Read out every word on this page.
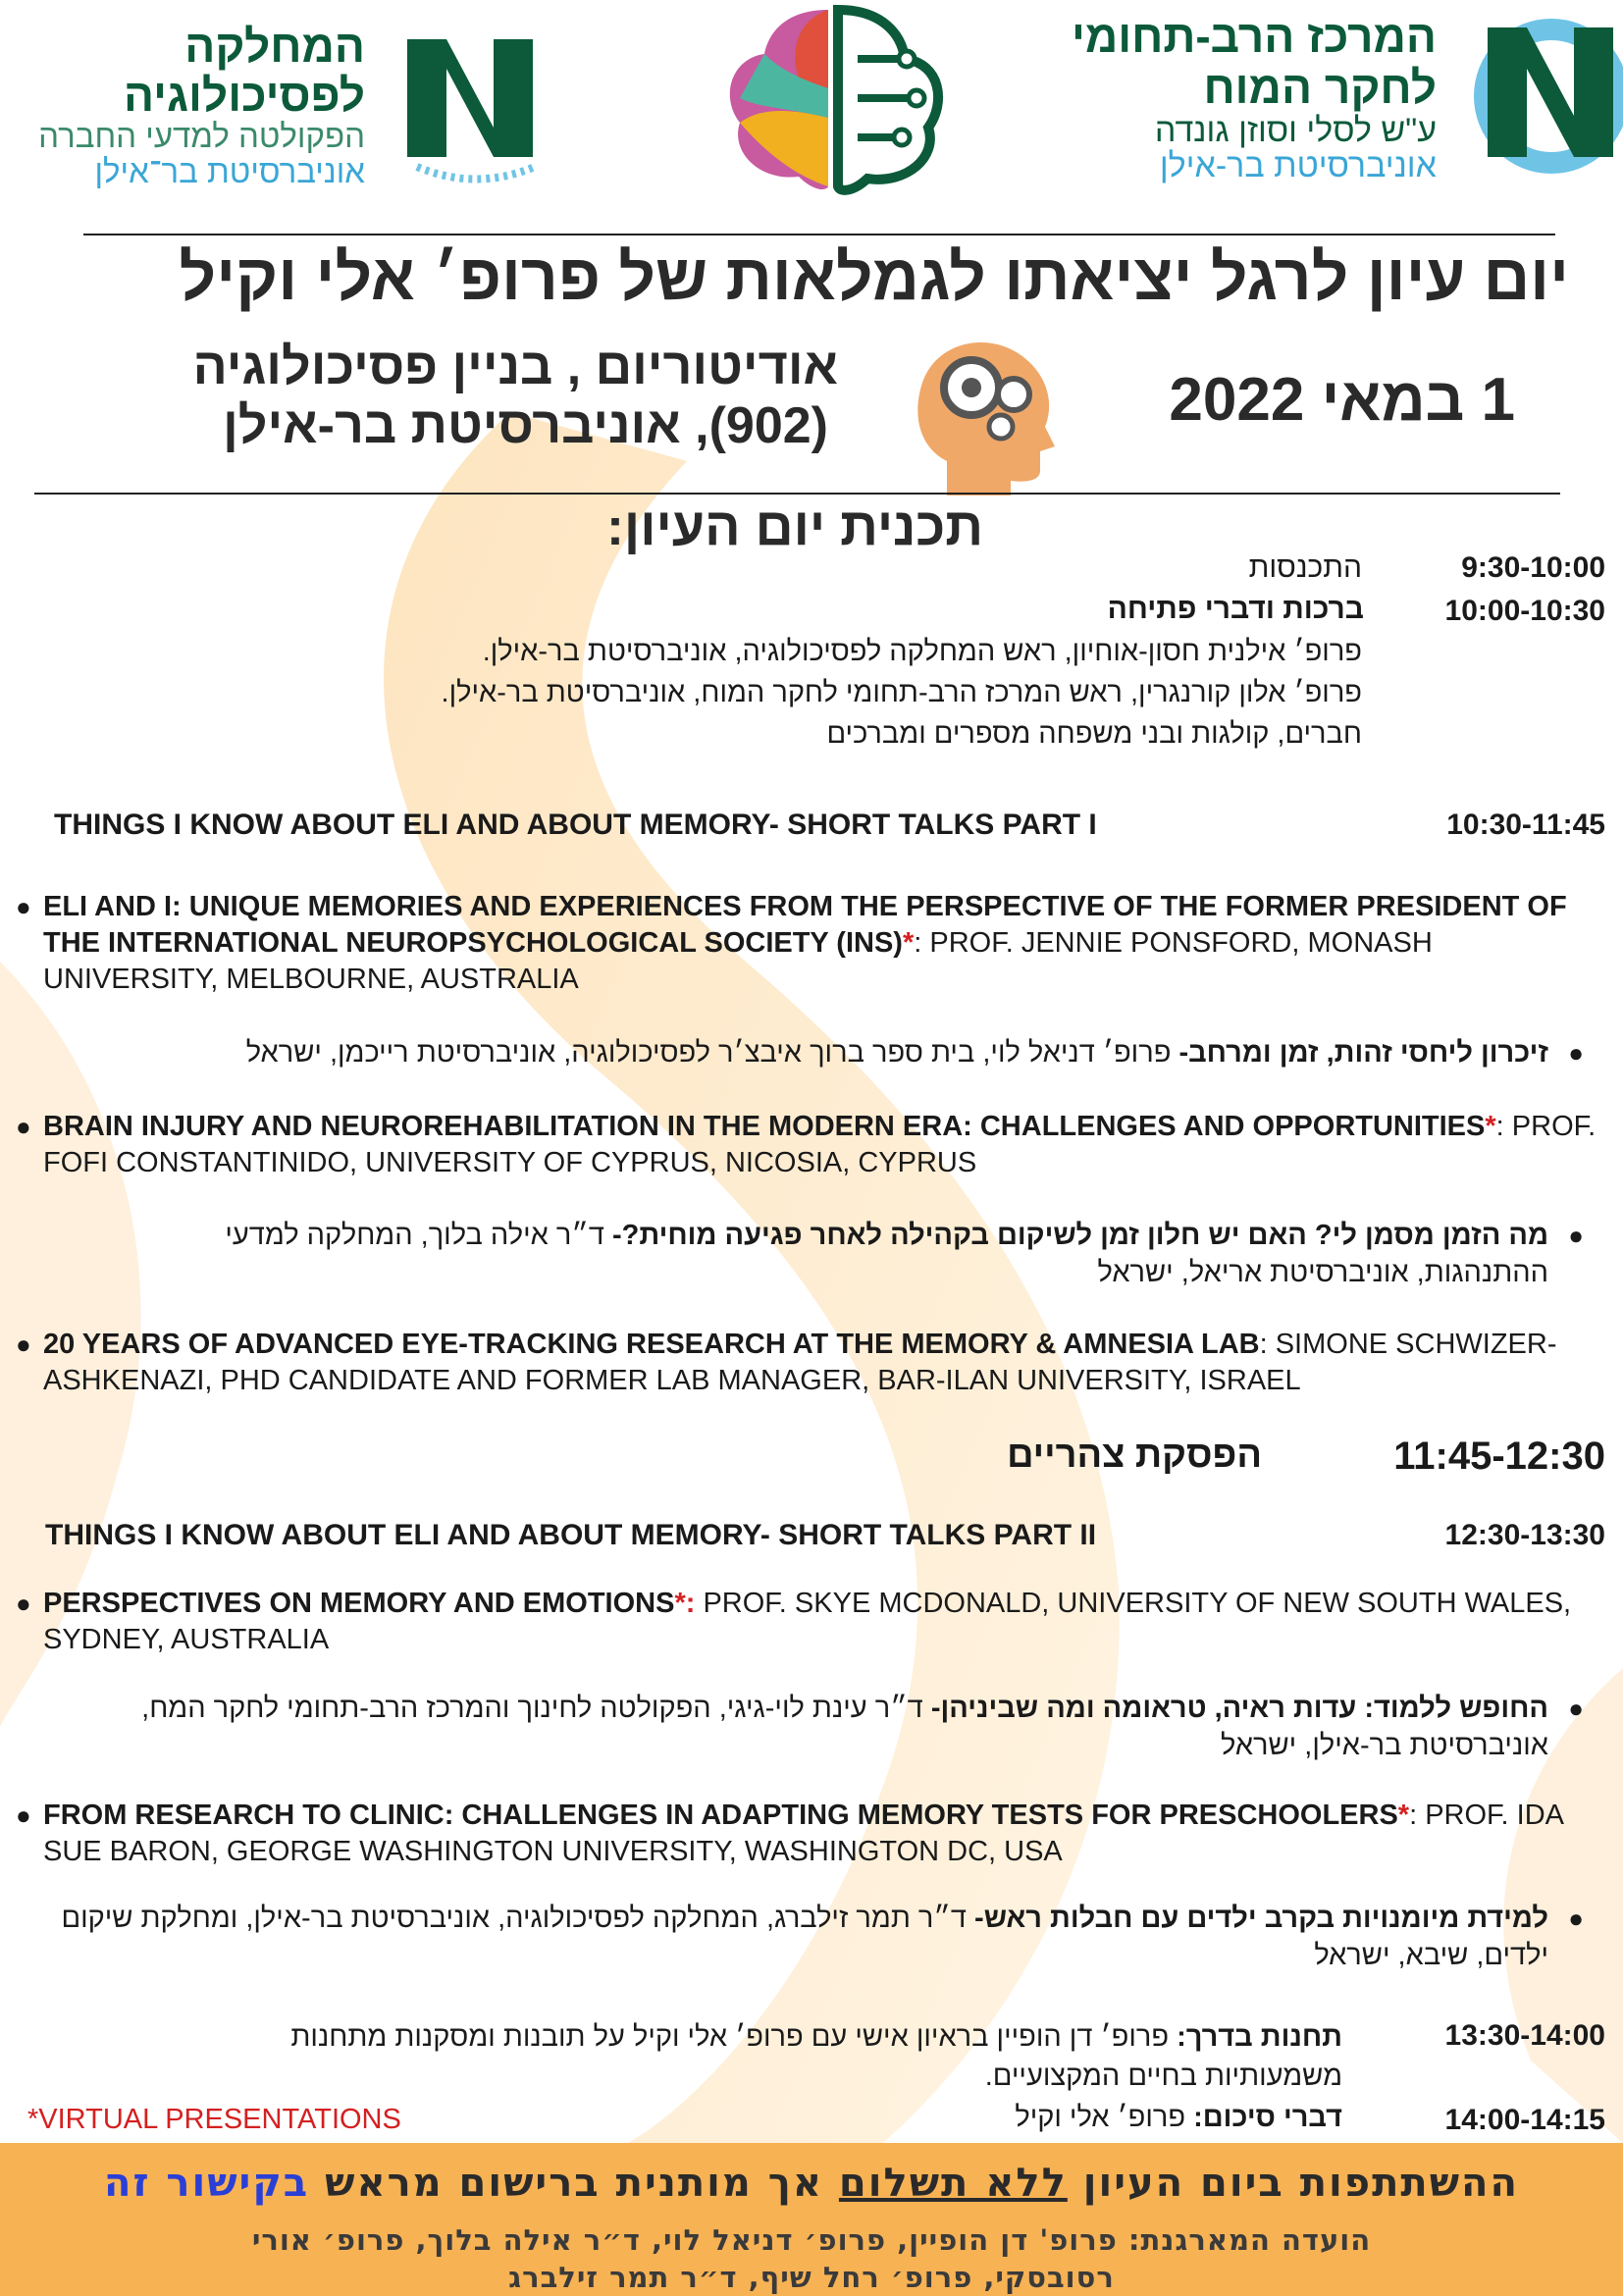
המרכז הרב-תחומי
לחקר המוח
ע"ש לסלי וסוזן גונדה
אוניברסיטת בר-אילן
המחלקה
לפסיכולוגיה
הפקולטה למדעי החברה
אוניברסיטת בר־אילן
יום עיון לרגל יציאתו לגמלאות של פרופ׳ אלי וקיל
1 במאי 2022
אודיטוריום , בניין פסיכולוגיה
(902), אוניברסיטת בר-אילן
תכנית יום העיון:
9:30-10:00
התכנסות
10:00-10:30
ברכות ודברי פתיחה
פרופ׳ אילנית חסון-אוחיון, ראש המחלקה לפסיכולוגיה, אוניברסיטת בר-אילן.
פרופ׳ אלון קורנגרין, ראש המרכז הרב-תחומי לחקר המוח, אוניברסיטת בר-אילן.
חברים, קולגות ובני משפחה מספרים ומברכים
10:30-11:45
THINGS I KNOW ABOUT ELI AND ABOUT MEMORY- SHORT TALKS PART I
● ELI AND I: UNIQUE MEMORIES AND EXPERIENCES FROM THE PERSPECTIVE OF THE FORMER PRESIDENT OF THE INTERNATIONAL NEUROPSYCHOLOGICAL SOCIETY (INS)*: PROF. JENNIE PONSFORD, MONASH UNIVERSITY, MELBOURNE, AUSTRALIA
●
זיכרון ליחסי זהות, זמן ומרחב- פרופ׳ דניאל לוי, בית ספר ברוך איבצ׳ר לפסיכולוגיה, אוניברסיטת רייכמן, ישראל
● BRAIN INJURY AND NEUROREHABILITATION IN THE MODERN ERA: CHALLENGES AND OPPORTUNITIES*: PROF. FOFI CONSTANTINIDO, UNIVERSITY OF CYPRUS, NICOSIA, CYPRUS
●
מה הזמן מסמן לי? האם יש חלון זמן לשיקום בקהילה לאחר פגיעה מוחית?- ד״ר אילה בלוך, המחלקה למדעי ההתנהגות, אוניברסיטת אריאל, ישראל
● 20 YEARS OF ADVANCED EYE-TRACKING RESEARCH AT THE MEMORY & AMNESIA LAB: SIMONE SCHWIZER-ASHKENAZI, PHD CANDIDATE AND FORMER LAB MANAGER, BAR-ILAN UNIVERSITY, ISRAEL
11:45-12:30
הפסקת צהריים
12:30-13:30
THINGS I KNOW ABOUT ELI AND ABOUT MEMORY- SHORT TALKS PART II
● PERSPECTIVES ON MEMORY AND EMOTIONS*: PROF. SKYE MCDONALD, UNIVERSITY OF NEW SOUTH WALES, SYDNEY, AUSTRALIA
●
החופש ללמוד: עדות ראיה, טראומה ומה שביניהן- ד״ר עינת לוי-גיגי, הפקולטה לחינוך והמרכז הרב-תחומי לחקר המח, אוניברסיטת בר-אילן, ישראל
● FROM RESEARCH TO CLINIC: CHALLENGES IN ADAPTING MEMORY TESTS FOR PRESCHOOLERS*: PROF. IDA SUE BARON, GEORGE WASHINGTON UNIVERSITY, WASHINGTON DC, USA
●
למידת מיומנויות בקרב ילדים עם חבלות ראש- ד״ר תמר זילברג, המחלקה לפסיכולוגיה, אוניברסיטת בר-אילן, ומחלקת שיקום ילדים, שיבא, ישראל
13:30-14:00
תחנות בדרך: פרופ׳ דן הופיין בראיון אישי עם פרופ׳ אלי וקיל על תובנות ומסקנות מתחנות משמעותיות בחיים המקצועיים.
14:00-14:15
דברי סיכום: פרופ׳ אלי וקיל
*VIRTUAL PRESENTATIONS
ההשתתפות ביום העיון ללא תשלום אך מותנית ברישום מראש בקישור זה
הועדה המארגנת: פרופ' דן הופיין, פרופ׳ דניאל לוי, ד״ר אילה בלוך, פרופ׳ אורי
רסובסקי, פרופ׳ רחל שיף, ד״ר תמר זילברג
